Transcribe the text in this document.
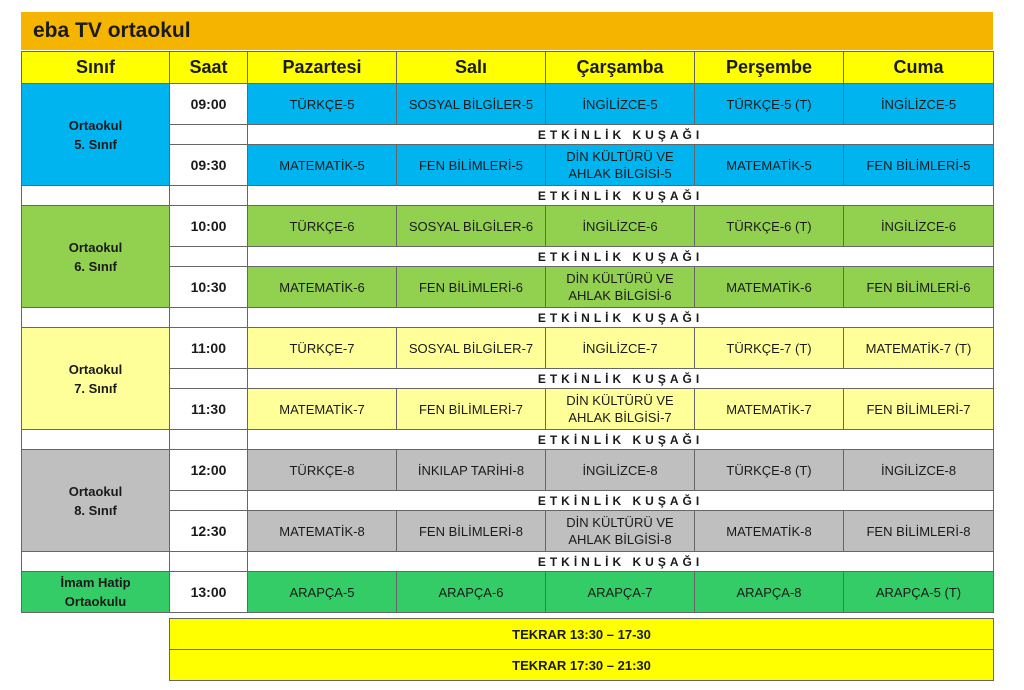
eba TV ortaokul
Sınıf	Saat	Pazartesi	Salı	Çarşamba	Perşembe	Cuma

Ortaokul
5. Sınıf	09:00	TÜRKÇE-5	SOSYAL BİLGİLER-5	İNGİLİZCE-5	TÜRKÇE-5 (T)	İNGİLİZCE-5
		ETKİNLİK KUŞAĞI				
	09:30	MATEMATİK-5	FEN BİLİMLERİ-5	DİN KÜLTÜRÜ VE AHLAK BİLGİSİ-5	MATEMATİK-5	FEN BİLİMLERİ-5
		ETKİNLİK KUŞAĞI				

Ortaokul
6. Sınıf	10:00	TÜRKÇE-6	SOSYAL BİLGİLER-6	İNGİLİZCE-6	TÜRKÇE-6 (T)	İNGİLİZCE-6
		ETKİNLİK KUŞAĞI				
	10:30	MATEMATİK-6	FEN BİLİMLERİ-6	DİN KÜLTÜRÜ VE AHLAK BİLGİSİ-6	MATEMATİK-6	FEN BİLİMLERİ-6
		ETKİNLİK KUŞAĞI				

Ortaokul
7. Sınıf	11:00	TÜRKÇE-7	SOSYAL BİLGİLER-7	İNGİLİZCE-7	TÜRKÇE-7 (T)	MATEMATİK-7 (T)
		ETKİNLİK KUŞAĞI				
	11:30	MATEMATİK-7	FEN BİLİMLERİ-7	DİN KÜLTÜRÜ VE AHLAK BİLGİSİ-7	MATEMATİK-7	FEN BİLİMLERİ-7
		ETKİNLİK KUŞAĞI				

Ortaokul
8. Sınıf	12:00	TÜRKÇE-8	İNKILAP TARİHİ-8	İNGİLİZCE-8	TÜRKÇE-8 (T)	İNGİLİZCE-8
		ETKİNLİK KUŞAĞI				
	12:30	MATEMATİK-8	FEN BİLİMLERİ-8	DİN KÜLTÜRÜ VE AHLAK BİLGİSİ-8	MATEMATİK-8	FEN BİLİMLERİ-8
		ETKİNLİK KUŞAĞI				

İmam Hatip
Ortaokulu	13:00	ARAPÇA-5	ARAPÇA-6	ARAPÇA-7	ARAPÇA-8	ARAPÇA-5 (T)

	TEKRAR 13:30 – 17-30					
	TEKRAR 17:30 – 21:30					
